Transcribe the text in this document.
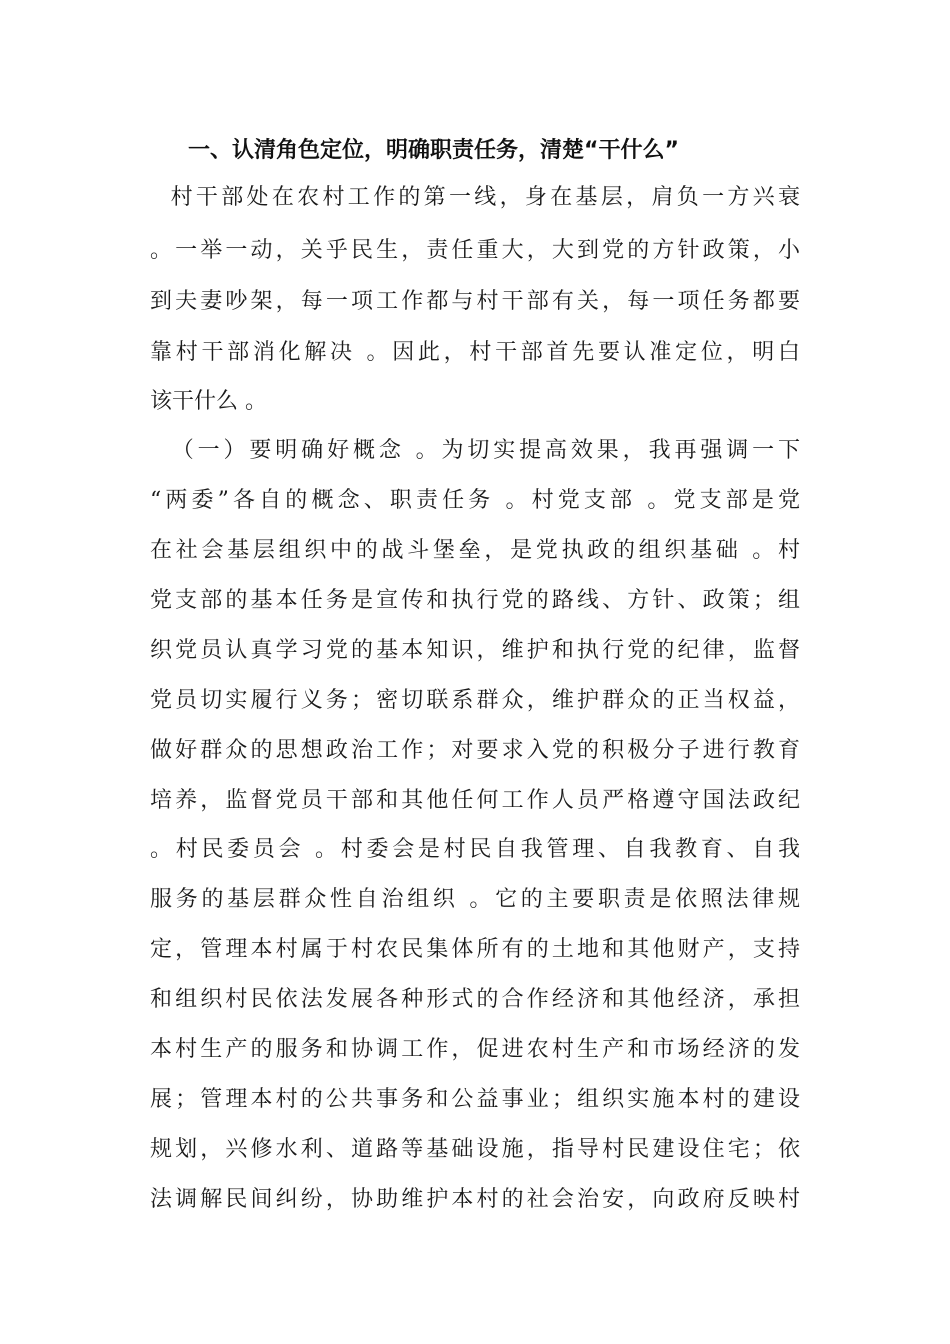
一、认清角色定位，明确职责任务，清楚“干什么”
村干部处在农村工作的第一线，身在基层，肩负一方兴衰
。一举一动，关乎民生，责任重大，大到党的方针政策，小
到夫妻吵架，每一项工作都与村干部有关，每一项任务都要
靠村干部消化解决 。因此，村干部首先要认准定位，明白
该干什么 。
（一）要明确好概念 。为切实提高效果，我再强调一下
“两委”各自的概念、职责任务 。村党支部 。党支部是党
在社会基层组织中的战斗堡垒，是党执政的组织基础 。村
党支部的基本任务是宣传和执行党的路线、方针、政策；组
织党员认真学习党的基本知识，维护和执行党的纪律，监督
党员切实履行义务；密切联系群众，维护群众的正当权益，
做好群众的思想政治工作；对要求入党的积极分子进行教育
培养，监督党员干部和其他任何工作人员严格遵守国法政纪
。村民委员会 。村委会是村民自我管理、自我教育、自我
服务的基层群众性自治组织 。它的主要职责是依照法律规
定，管理本村属于村农民集体所有的土地和其他财产，支持
和组织村民依法发展各种形式的合作经济和其他经济，承担
本村生产的服务和协调工作，促进农村生产和市场经济的发
展；管理本村的公共事务和公益事业；组织实施本村的建设
规划，兴修水利、道路等基础设施，指导村民建设住宅；依
法调解民间纠纷，协助维护本村的社会治安，向政府反映村
